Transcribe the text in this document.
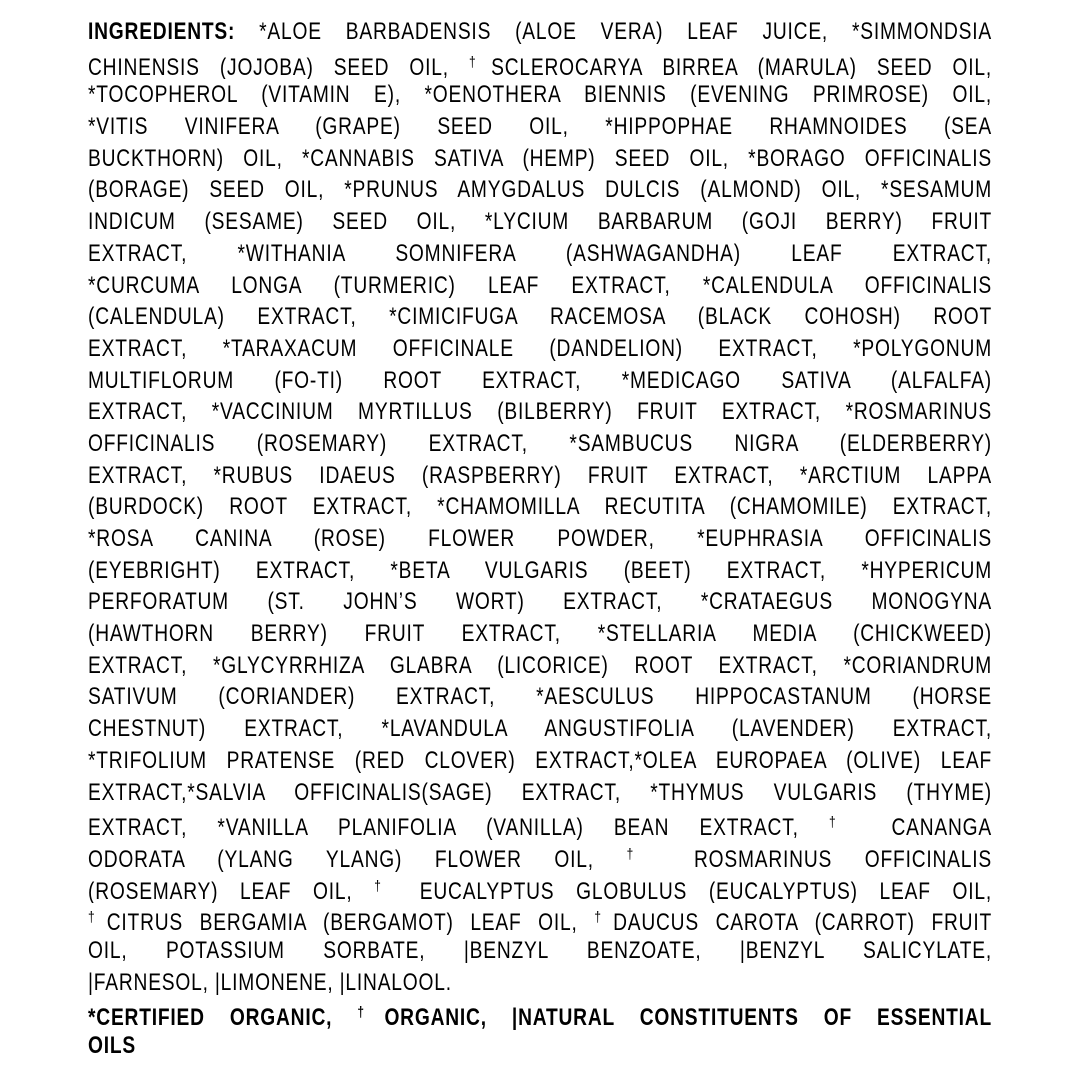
INGREDIENTS: *ALOE BARBADENSIS (ALOE VERA) LEAF JUICE, *SIMMONDSIA
CHINENSIS (JOJOBA) SEED OIL, †SCLEROCARYA BIRREA (MARULA) SEED OIL,
*TOCOPHEROL (VITAMIN E), *OENOTHERA BIENNIS (EVENING PRIMROSE) OIL,
*VITIS VINIFERA (GRAPE) SEED OIL, *HIPPOPHAE RHAMNOIDES (SEA
BUCKTHORN) OIL, *CANNABIS SATIVA (HEMP) SEED OIL, *BORAGO OFFICINALIS
(BORAGE) SEED OIL, *PRUNUS AMYGDALUS DULCIS (ALMOND) OIL, *SESAMUM
INDICUM (SESAME) SEED OIL, *LYCIUM BARBARUM (GOJI BERRY) FRUIT
EXTRACT, *WITHANIA SOMNIFERA (ASHWAGANDHA) LEAF EXTRACT,
*CURCUMA LONGA (TURMERIC) LEAF EXTRACT, *CALENDULA OFFICINALIS
(CALENDULA) EXTRACT, *CIMICIFUGA RACEMOSA (BLACK COHOSH) ROOT
EXTRACT, *TARAXACUM OFFICINALE (DANDELION) EXTRACT, *POLYGONUM
MULTIFLORUM (FO-TI) ROOT EXTRACT, *MEDICAGO SATIVA (ALFALFA)
EXTRACT, *VACCINIUM MYRTILLUS (BILBERRY) FRUIT EXTRACT, *ROSMARINUS
OFFICINALIS (ROSEMARY) EXTRACT, *SAMBUCUS NIGRA (ELDERBERRY)
EXTRACT, *RUBUS IDAEUS (RASPBERRY) FRUIT EXTRACT, *ARCTIUM LAPPA
(BURDOCK) ROOT EXTRACT, *CHAMOMILLA RECUTITA (CHAMOMILE) EXTRACT,
*ROSA CANINA (ROSE) FLOWER POWDER, *EUPHRASIA OFFICINALIS
(EYEBRIGHT) EXTRACT, *BETA VULGARIS (BEET) EXTRACT, *HYPERICUM
PERFORATUM (ST. JOHN’S WORT) EXTRACT, *CRATAEGUS MONOGYNA
(HAWTHORN BERRY) FRUIT EXTRACT, *STELLARIA MEDIA (CHICKWEED)
EXTRACT, *GLYCYRRHIZA GLABRA (LICORICE) ROOT EXTRACT, *CORIANDRUM
SATIVUM (CORIANDER) EXTRACT, *AESCULUS HIPPOCASTANUM (HORSE
CHESTNUT) EXTRACT, *LAVANDULA ANGUSTIFOLIA (LAVENDER) EXTRACT,
*TRIFOLIUM PRATENSE (RED CLOVER) EXTRACT,*OLEA EUROPAEA (OLIVE) LEAF
EXTRACT,*SALVIA OFFICINALIS(SAGE) EXTRACT, *THYMUS VULGARIS (THYME)
EXTRACT, *VANILLA PLANIFOLIA (VANILLA) BEAN EXTRACT, † CANANGA
ODORATA (YLANG YLANG) FLOWER OIL, † ROSMARINUS OFFICINALIS
(ROSEMARY) LEAF OIL, † EUCALYPTUS GLOBULUS (EUCALYPTUS) LEAF OIL,
†CITRUS BERGAMIA (BERGAMOT) LEAF OIL, †DAUCUS CAROTA (CARROT) FRUIT
OIL, POTASSIUM SORBATE, |BENZYL BENZOATE, |BENZYL SALICYLATE,
|FARNESOL, |LIMONENE, |LINALOOL.
*CERTIFIED ORGANIC, †ORGANIC, |NATURAL CONSTITUENTS OF ESSENTIAL
OILS
